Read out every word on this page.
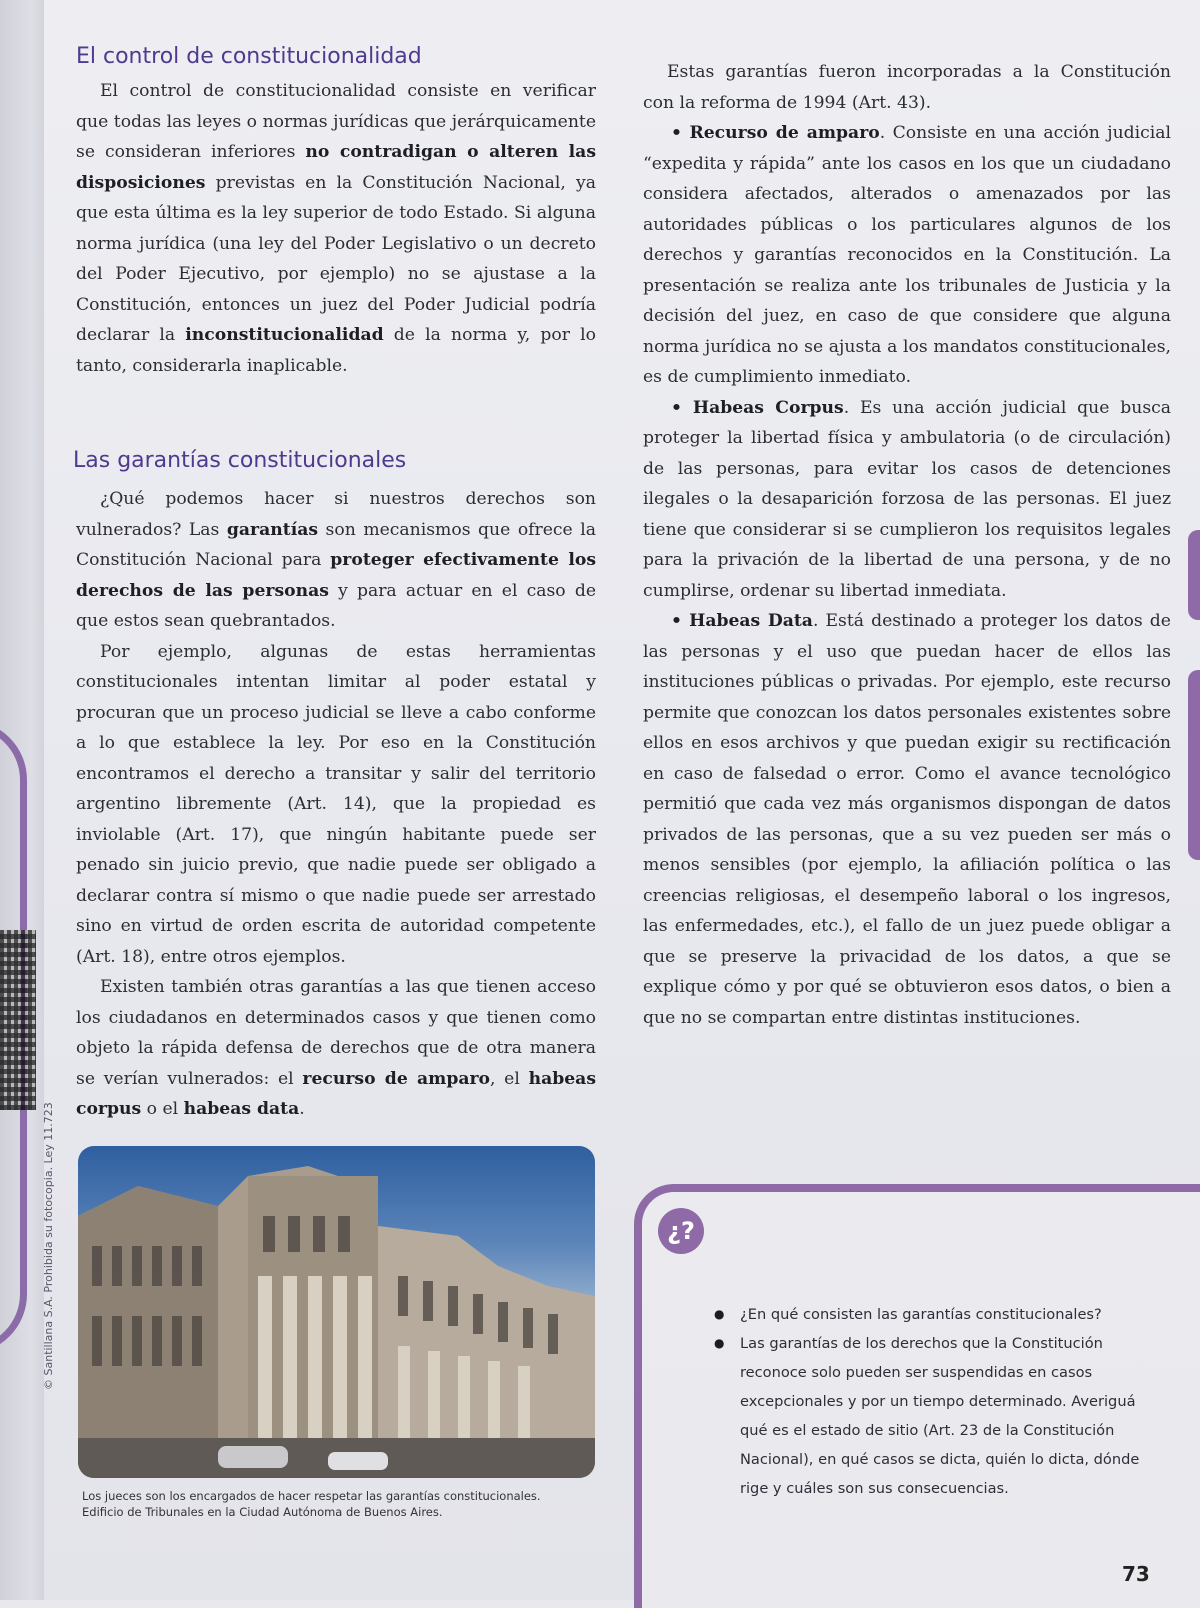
© Santillana S.A. Prohibida su fotocopia. Ley 11.723
El control de constitucionalidad

El control de constitucionalidad consiste en verificar que todas las leyes o normas jurídicas que jerárquicamente se consideran inferiores no contradigan o alteren las disposiciones previstas en la Constitución Nacional, ya que esta última es la ley superior de todo Estado. Si alguna norma jurídica (una ley del Poder Legislativo o un decreto del Poder Ejecutivo, por ejemplo) no se ajustase a la Constitución, entonces un juez del Poder Judicial podría declarar la inconstitucionalidad de la norma y, por lo tanto, considerarla inaplicable.

Las garantías constitucionales

¿Qué podemos hacer si nuestros derechos son vulnerados? Las garantías son mecanismos que ofrece la Constitución Nacional para proteger efectivamente los derechos de las personas y para actuar en el caso de que estos sean quebrantados.

Por ejemplo, algunas de estas herramientas constitucionales intentan limitar al poder estatal y procuran que un proceso judicial se lleve a cabo conforme a lo que establece la ley. Por eso en la Constitución encontramos el derecho a transitar y salir del territorio argentino libremente (Art. 14), que la propiedad es inviolable (Art. 17), que ningún habitante puede ser penado sin juicio previo, que nadie puede ser obligado a declarar contra sí mismo o que nadie puede ser arrestado sino en virtud de orden escrita de autoridad competente (Art. 18), entre otros ejemplos.

Existen también otras garantías a las que tienen acceso los ciudadanos en determinados casos y que tienen como objeto la rápida defensa de derechos que de otra manera se verían vulnerados: el recurso de amparo, el habeas corpus o el habeas data.

Estas garantías fueron incorporadas a la Constitución con la reforma de 1994 (Art. 43).

• Recurso de amparo. Consiste en una acción judicial “expedita y rápida” ante los casos en los que un ciudadano considera afectados, alterados o amenazados por las autoridades públicas o los particulares algunos de los derechos y garantías reconocidos en la Constitución. La presentación se realiza ante los tribunales de Justicia y la decisión del juez, en caso de que considere que alguna norma jurídica no se ajusta a los mandatos constitucionales, es de cumplimiento inmediato.

• Habeas Corpus. Es una acción judicial que busca proteger la libertad física y ambulatoria (o de circulación) de las personas, para evitar los casos de detenciones ilegales o la desaparición forzosa de las personas. El juez tiene que considerar si se cumplieron los requisitos legales para la privación de la libertad de una persona, y de no cumplirse, ordenar su libertad inmediata.

• Habeas Data. Está destinado a proteger los datos de las personas y el uso que puedan hacer de ellos las instituciones públicas o privadas. Por ejemplo, este recurso permite que conozcan los datos personales existentes sobre ellos en esos archivos y que puedan exigir su rectificación en caso de falsedad o error. Como el avance tecnológico permitió que cada vez más organismos dispongan de datos privados de las personas, que a su vez pueden ser más o menos sensibles (por ejemplo, la afiliación política o las creencias religiosas, el desempeño laboral o los ingresos, las enfermedades, etc.), el fallo de un juez puede obligar a que se preserve la privacidad de los datos, a que se explique cómo y por qué se obtuvieron esos datos, o bien a que no se compartan entre distintas instituciones.

Los jueces son los encargados de hacer respetar las garantías constitucionales.
Edificio de Tribunales en la Ciudad Autónoma de Buenos Aires.
¿?
● ¿En qué consisten las garantías constitucionales?
● Las garantías de los derechos que la Constitución reconoce solo pueden ser suspendidas en casos excepcionales y por un tiempo determinado. Averiguá qué es el estado de sitio (Art. 23 de la Constitución Nacional), en qué casos se dicta, quién lo dicta, dónde rige y cuáles son sus consecuencias.
73
